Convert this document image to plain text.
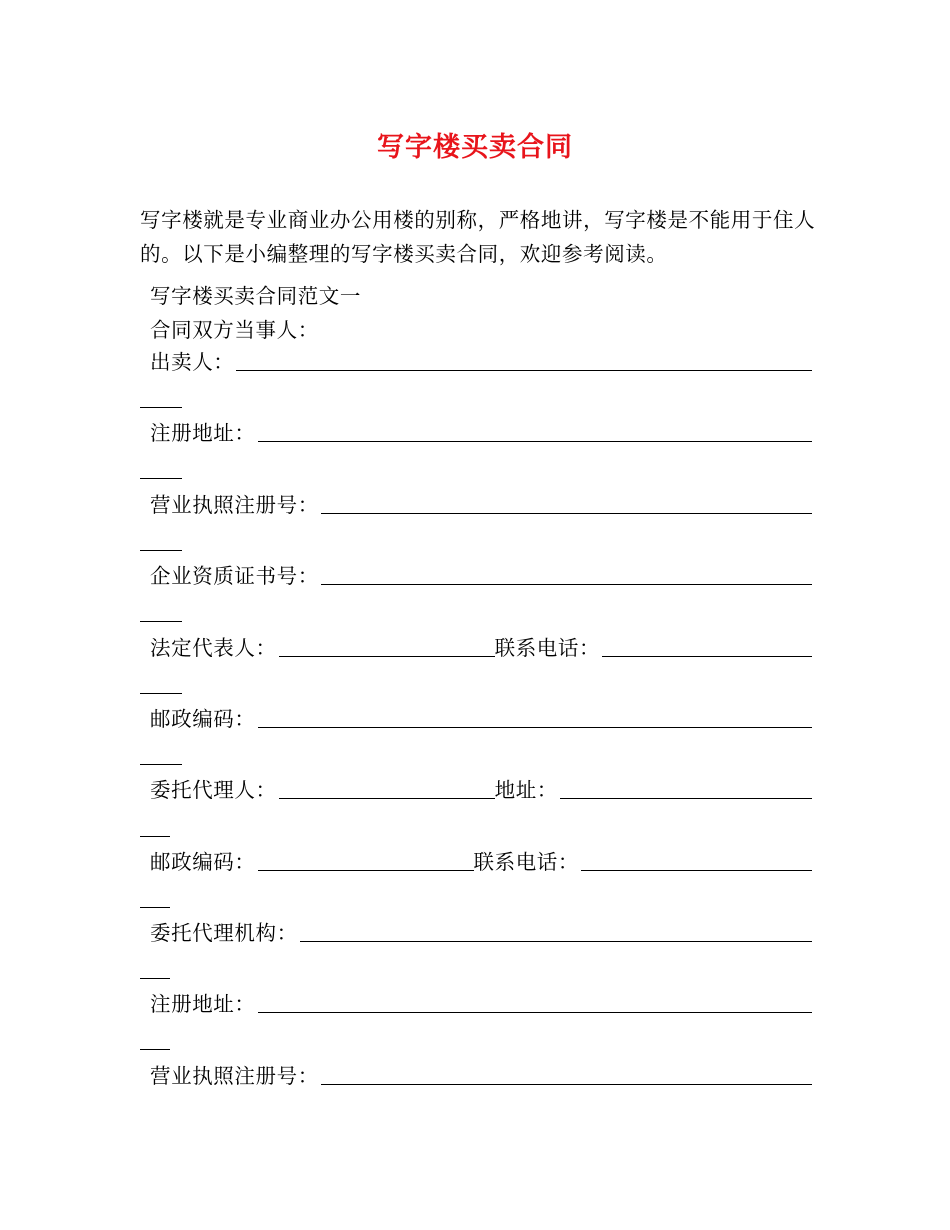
写字楼买卖合同

写字楼就是专业商业办公用楼的别称，严格地讲，写字楼是不能用于住人的。以下是小编整理的写字楼买卖合同，欢迎参考阅读。

写字楼买卖合同范文一
合同双方当事人：
出卖人：
注册地址：
营业执照注册号：
企业资质证书号：
法定代表人：	联系电话：
邮政编码：
委托代理人：	地址：
邮政编码：	联系电话：
委托代理机构：
注册地址：
营业执照注册号：
